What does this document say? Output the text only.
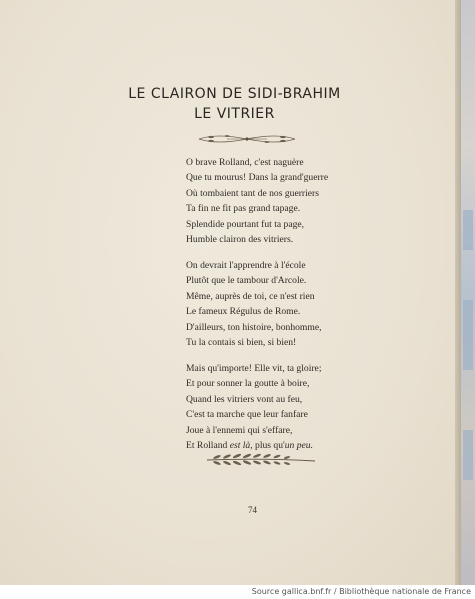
LE CLAIRON DE SIDI-BRAHIM
LE VITRIER
O brave Rolland, c'est naguère
Que tu mourus! Dans la grand'guerre
Où tombaient tant de nos guerriers
Ta fin ne fit pas grand tapage.
Splendide pourtant fut ta page,
Humble clairon des vitriers.
On devrait l'apprendre à l'école
Plutôt que le tambour d'Arcole.
Même, auprès de toi, ce n'est rien
Le fameux Régulus de Rome.
D'ailleurs, ton histoire, bonhomme,
Tu la contais si bien, si bien!
Mais qu'importe! Elle vit, ta gloire;
Et pour sonner la goutte à boire,
Quand les vitriers vont au feu,
C'est ta marche que leur fanfare
Joue à l'ennemi qui s'effare,
Et Rolland est là, plus qu'un peu.
74
Source gallica.bnf.fr / Bibliothèque nationale de France
